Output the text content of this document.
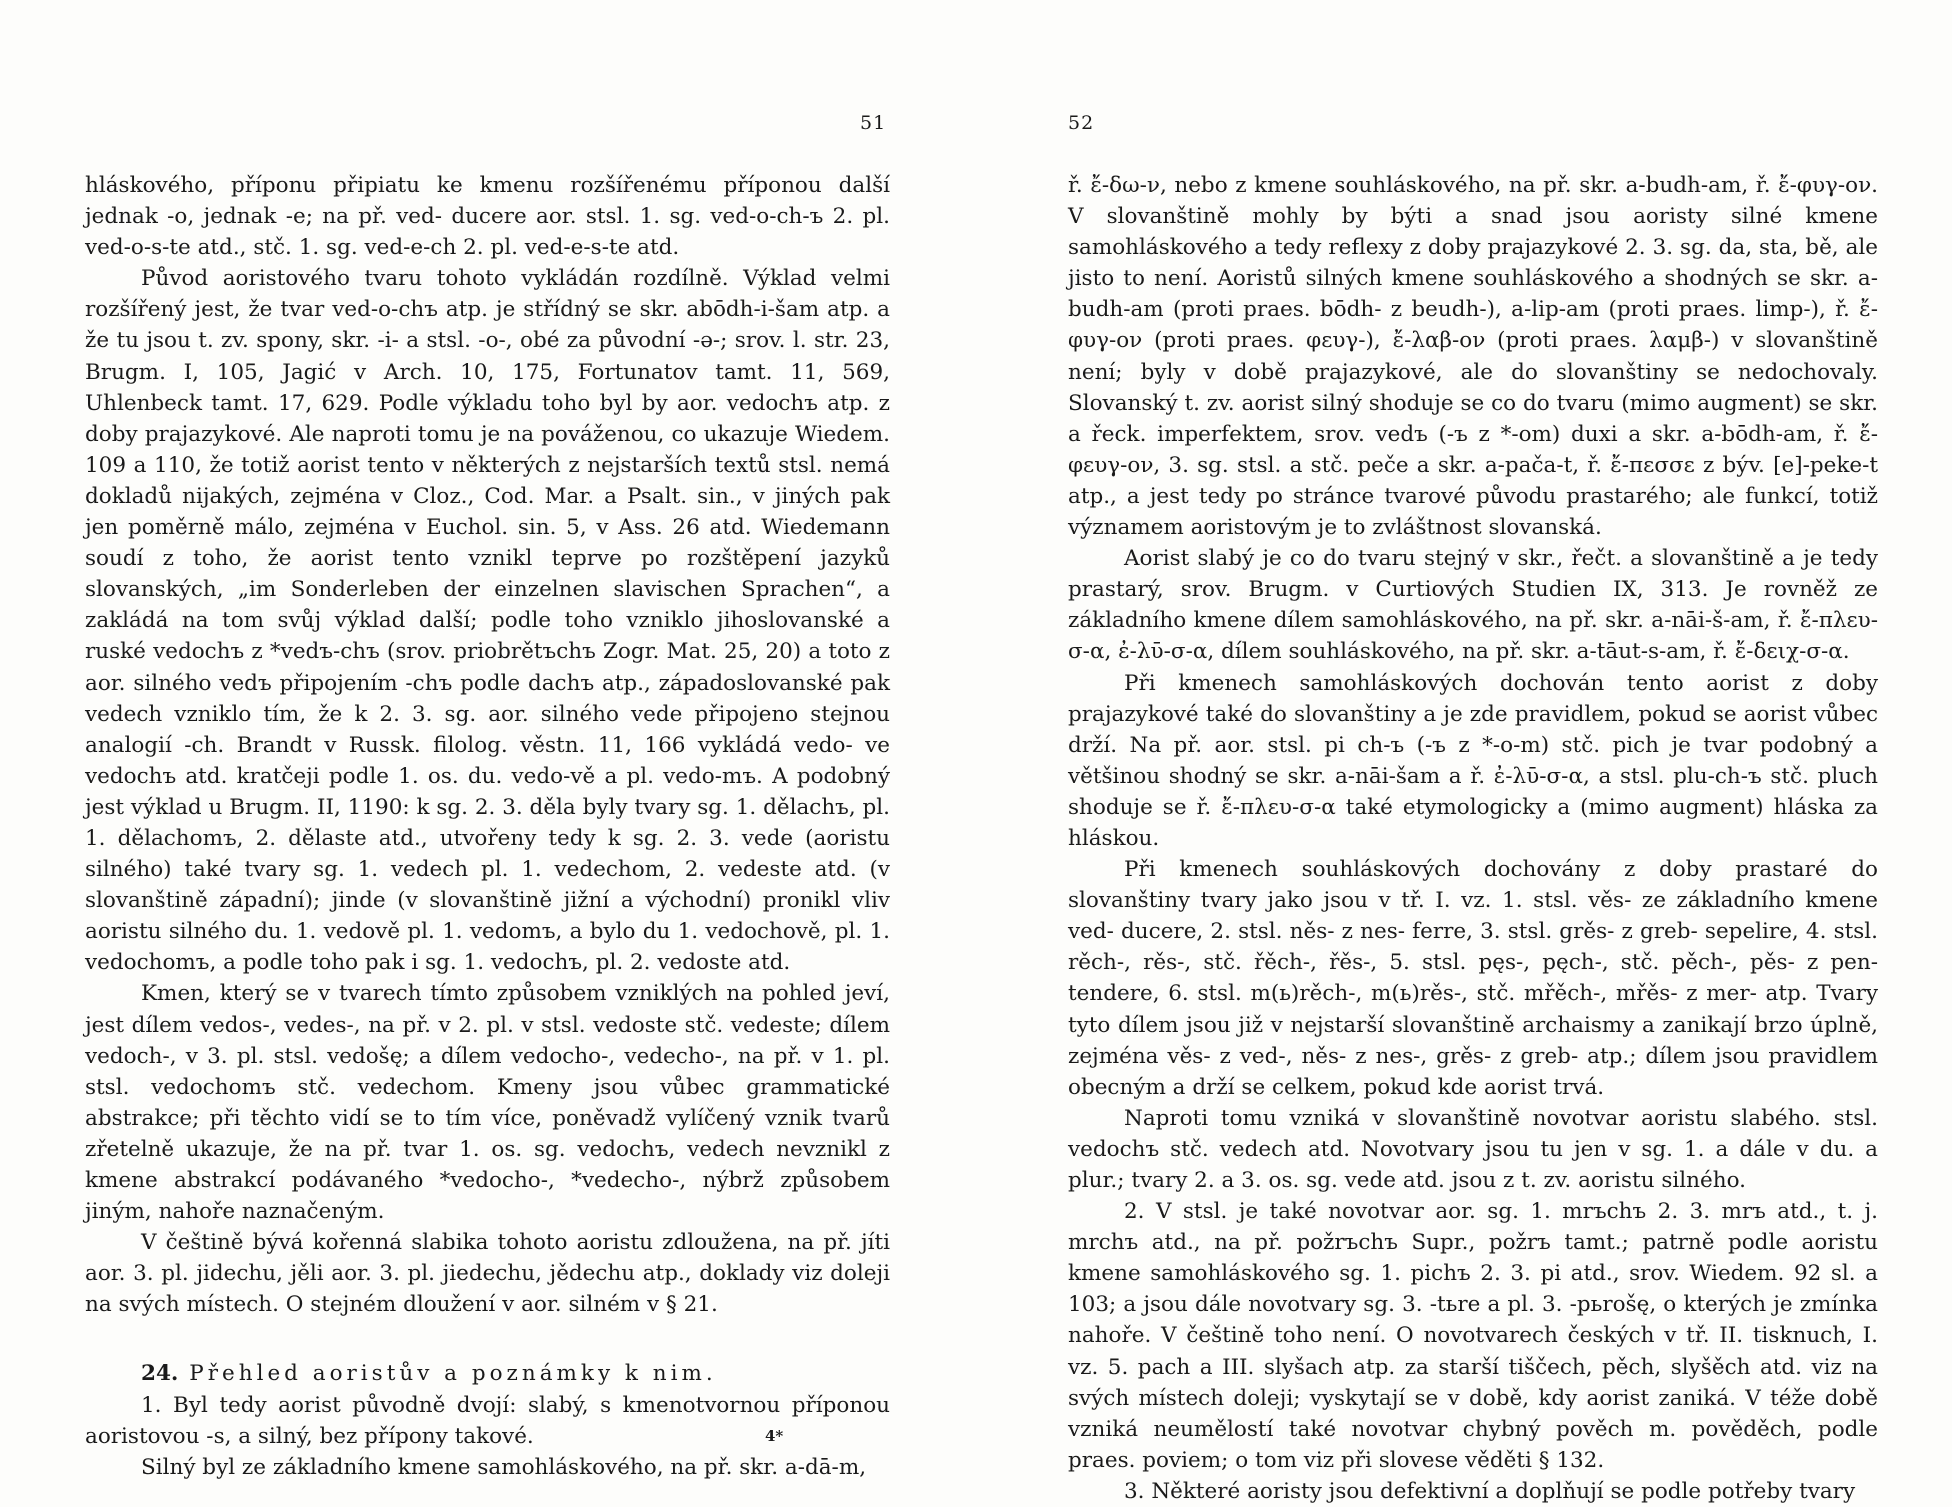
51

hláskového, příponu připiatu ke kmenu rozšířenému příponou další jednak -o, jednak -e; na př. ved- ducere aor. stsl. 1. sg. ved-o-ch-ъ 2. pl. ved-o-s-te atd., stč. 1. sg. ved-e-ch 2. pl. ved-e-s-te atd.

Původ aoristového tvaru tohoto vykládán rozdílně. Výklad velmi rozšířený jest, že tvar ved-o-chъ atp. je střídný se skr. abōdh-i-šam atp. a že tu jsou t. zv. spony, skr. -i- a stsl. -o-, obé za původní -ə-; srov. l. str. 23, Brugm. I, 105, Jagić v Arch. 10, 175, Fortunatov tamt. 11, 569, Uhlenbeck tamt. 17, 629. Podle výkladu toho byl by aor. vedochъ atp. z doby prajazykové. Ale naproti tomu je na pováženou, co ukazuje Wiedem. 109 a 110, že totiž aorist tento v některých z nejstarších textů stsl. nemá dokladů nijakých, zejména v Cloz., Cod. Mar. a Psalt. sin., v jiných pak jen poměrně málo, zejména v Euchol. sin. 5, v Ass. 26 atd. Wiedemann soudí z toho, že aorist tento vznikl teprve po rozštěpení jazyků slovanských, „im Sonderleben der einzelnen slavischen Sprachen“, a zakládá na tom svůj výklad další; podle toho vzniklo jihoslovanské a ruské vedochъ z *vedъ-chъ (srov. priobrětъchъ Zogr. Mat. 25, 20) a toto z aor. silného vedъ připojením -chъ podle dachъ atp., západoslovanské pak vedech vzniklo tím, že k 2. 3. sg. aor. silného vede připojeno stejnou analogií -ch. Brandt v Russk. filolog. věstn. 11, 166 vykládá vedo- ve vedochъ atd. kratčeji podle 1. os. du. vedo-vě a pl. vedo-mъ. A podobný jest výklad u Brugm. II, 1190: k sg. 2. 3. děla byly tvary sg. 1. dělachъ, pl. 1. dělachomъ, 2. dělaste atd., utvořeny tedy k sg. 2. 3. vede (aoristu silného) také tvary sg. 1. vedech pl. 1. vedechom, 2. vedeste atd. (v slovanštině západní); jinde (v slovanštině jižní a východní) pronikl vliv aoristu silného du. 1. vedově pl. 1. vedomъ, a bylo du 1. vedochově, pl. 1. vedochomъ, a podle toho pak i sg. 1. vedochъ, pl. 2. vedoste atd.

Kmen, který se v tvarech tímto způsobem vzniklých na pohled jeví, jest dílem vedos-, vedes-, na př. v 2. pl. v stsl. vedoste stč. vedeste; dílem vedoch-, v 3. pl. stsl. vedošę; a dílem vedocho-, vedecho-, na př. v 1. pl. stsl. vedochomъ stč. vedechom. Kmeny jsou vůbec grammatické abstrakce; při těchto vidí se to tím více, poněvadž vylíčený vznik tvarů zřetelně ukazuje, že na př. tvar 1. os. sg. vedochъ, vedech nevznikl z kmene abstrakcí podávaného *vedocho-, *vedecho-, nýbrž způsobem jiným, nahoře naznačeným.

V češtině bývá kořenná slabika tohoto aoristu zdloužena, na př. jíti aor. 3. pl. jidechu, jěli aor. 3. pl. jiedechu, jědechu atp., doklady viz doleji na svých místech. O stejném dloužení v aor. silném v § 21.

24. Přehled aoristův a poznámky k nim.

1. Byl tedy aorist původně dvojí: slabý, s kmenotvornou příponou aoristovou -s, a silný, bez přípony takové.

Silný byl ze základního kmene samohláskového, na př. skr. a-dā-m,

4*
52

ř. ἔ-δω-ν, nebo z kmene souhláskového, na př. skr. a-budh-am, ř. ἔ-φυγ-ον. V slovanštině mohly by býti a snad jsou aoristy silné kmene samohláskového a tedy reflexy z doby prajazykové 2. 3. sg. da, sta, bě, ale jisto to není. Aoristů silných kmene souhláskového a shodných se skr. a-budh-am (proti praes. bōdh- z beudh-), a-lip-am (proti praes. limp-), ř. ἔ-φυγ-ον (proti praes. φευγ-), ἔ-λαβ-ον (proti praes. λαμβ-) v slovanštině není; byly v době prajazykové, ale do slovanštiny se nedochovaly. Slovanský t. zv. aorist silný shoduje se co do tvaru (mimo augment) se skr. a řeck. imperfektem, srov. vedъ (-ъ z *-om) duxi a skr. a-bōdh-am, ř. ἔ-φευγ-ον, 3. sg. stsl. a stč. peče a skr. a-pača-t, ř. ἔ-πεσσε z býv. [e]-peke-t atp., a jest tedy po stránce tvarové původu prastarého; ale funkcí, totiž významem aoristovým je to zvláštnost slovanská.

Aorist slabý je co do tvaru stejný v skr., řečt. a slovanštině a je tedy prastarý, srov. Brugm. v Curtiových Studien IX, 313. Je rovněž ze základního kmene dílem samohláskového, na př. skr. a-nāi-š-am, ř. ἔ-πλευ-σ-α, ἐ-λῡ-σ-α, dílem souhláskového, na př. skr. a-tāut-s-am, ř. ἔ-δειχ-σ-α.

Při kmenech samohláskových dochován tento aorist z doby prajazykové také do slovanštiny a je zde pravidlem, pokud se aorist vůbec drží. Na př. aor. stsl. pi ch-ъ (-ъ z *-o-m) stč. pich je tvar podobný a většinou shodný se skr. a-nāi-šam a ř. ἐ-λῡ-σ-α, a stsl. plu-ch-ъ stč. pluch shoduje se ř. ἔ-πλευ-σ-α také etymologicky a (mimo augment) hláska za hláskou.

Při kmenech souhláskových dochovány z doby prastaré do slovanštiny tvary jako jsou v tř. I. vz. 1. stsl. věs- ze základního kmene ved- ducere, 2. stsl. něs- z nes- ferre, 3. stsl. grěs- z greb- sepelire, 4. stsl. rěch-, rěs-, stč. řěch-, řěs-, 5. stsl. pęs-, pęch-, stč. pěch-, pěs- z pen- tendere, 6. stsl. m(ь)rěch-, m(ь)rěs-, stč. mřěch-, mřěs- z mer- atp. Tvary tyto dílem jsou již v nejstarší slovanštině archaismy a zanikají brzo úplně, zejména věs- z ved-, něs- z nes-, grěs- z greb- atp.; dílem jsou pravidlem obecným a drží se celkem, pokud kde aorist trvá.

Naproti tomu vzniká v slovanštině novotvar aoristu slabého. stsl. vedochъ stč. vedech atd. Novotvary jsou tu jen v sg. 1. a dále v du. a plur.; tvary 2. a 3. os. sg. vede atd. jsou z t. zv. aoristu silného.

2. V stsl. je také novotvar aor. sg. 1. mrъchъ 2. 3. mrъ atd., t. j. mrchъ atd., na př. požrъchъ Supr., požrъ tamt.; patrně podle aoristu kmene samohláskového sg. 1. pichъ 2. 3. pi atd., srov. Wiedem. 92 sl. a 103; a jsou dále novotvary sg. 3. -tьre a pl. 3. -pьrošę, o kterých je zmínka nahoře. V češtině toho není. O novotvarech českých v tř. II. tisknuch, I. vz. 5. pach a III. slyšach atp. za starší tiščech, pěch, slyšěch atd. viz na svých místech doleji; vyskytají se v době, kdy aorist zaniká. V téže době vzniká neumělostí také novotvar chybný pověch m. pověděch, podle praes. poviem; o tom viz při slovese věděti § 132.

3. Některé aoristy jsou defektivní a doplňují se podle potřeby tvary
